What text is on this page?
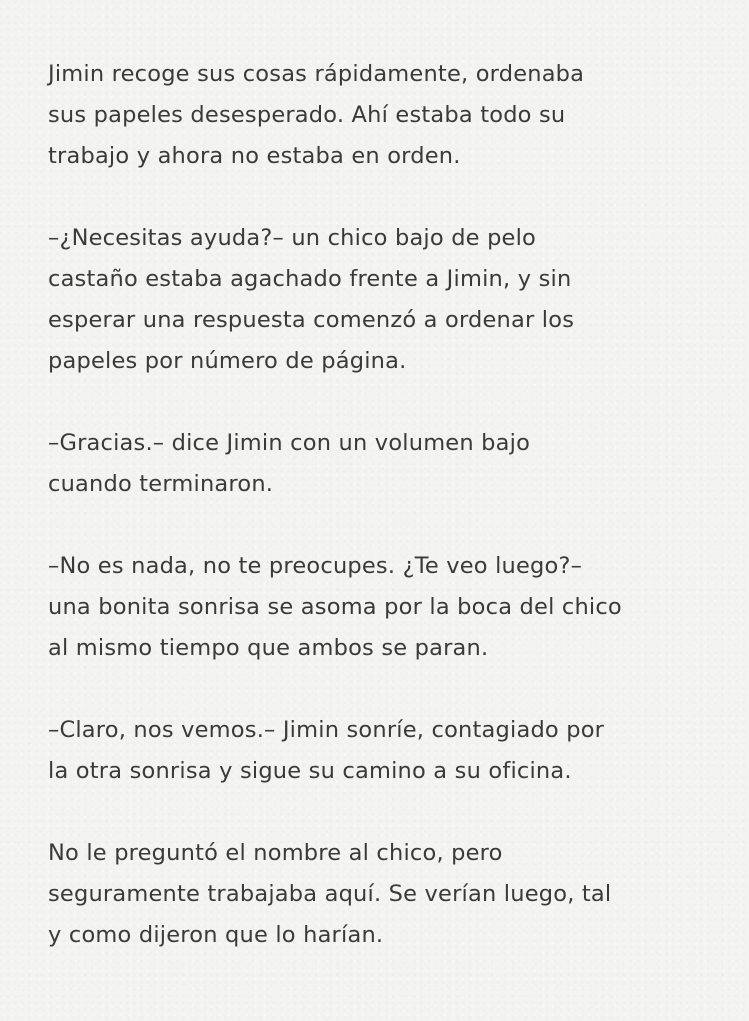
Jimin recoge sus cosas rápidamente, ordenaba
sus papeles desesperado. Ahí estaba todo su
trabajo y ahora no estaba en orden.
–¿Necesitas ayuda?– un chico bajo de pelo
castaño estaba agachado frente a Jimin, y sin
esperar una respuesta comenzó a ordenar los
papeles por número de página.
–Gracias.– dice Jimin con un volumen bajo
cuando terminaron.
–No es nada, no te preocupes. ¿Te veo luego?–
una bonita sonrisa se asoma por la boca del chico
al mismo tiempo que ambos se paran.
–Claro, nos vemos.– Jimin sonríe, contagiado por
la otra sonrisa y sigue su camino a su oficina.
No le preguntó el nombre al chico, pero
seguramente trabajaba aquí. Se verían luego, tal
y como dijeron que lo harían.
